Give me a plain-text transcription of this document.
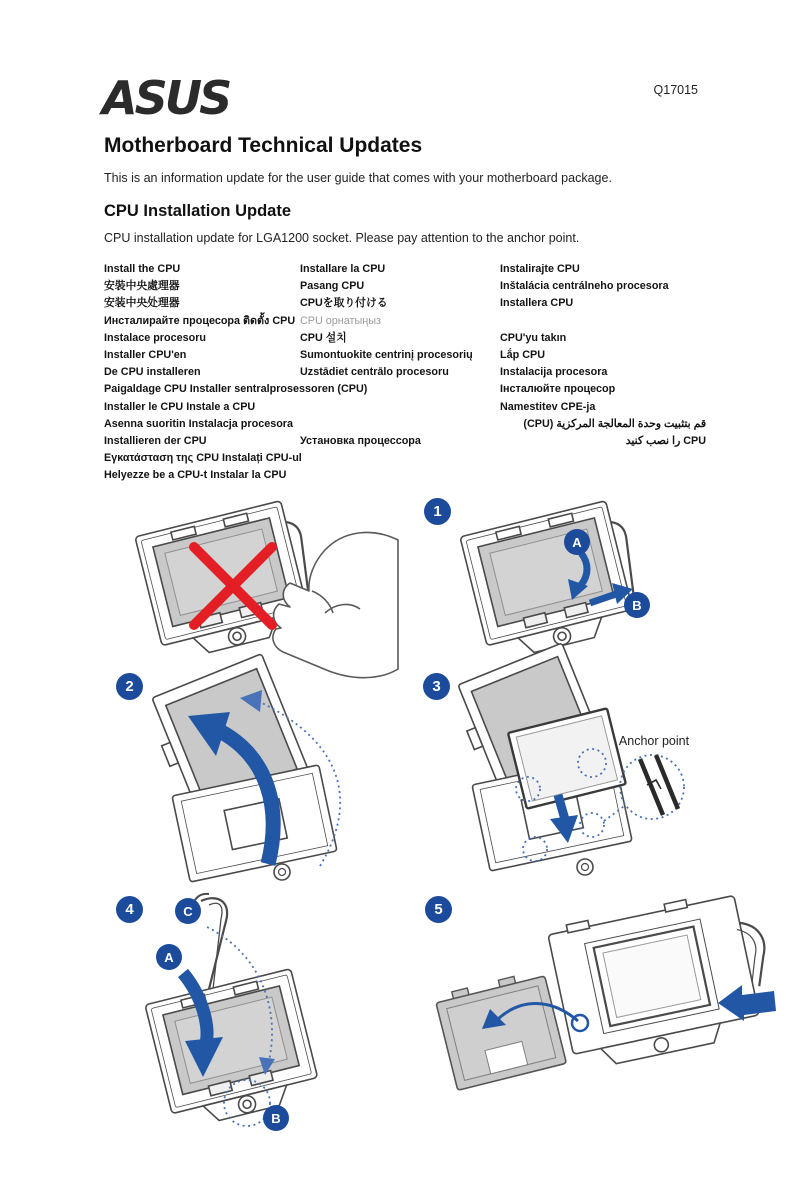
Q17015
ASUS
Motherboard Technical Updates
This is an information update for the user guide that comes with your motherboard package.
CPU Installation Update
CPU installation update for LGA1200 socket. Please pay attention to the anchor point.
Install the CPU
安裝中央處理器
安装中央处理器
Инсталирайте процесора ติดตั้ง CPU
Instalace procesoru
Installer CPU'en
De CPU installeren
Paigaldage CPU Installer sentralprosessoren (CPU)
Installer le CPU Instale a CPU
Asenna suoritin Instalacja procesora
Installieren der CPU
Εγκατάσταση της CPU Instalați CPU-ul
Helyezze be a CPU-t Instalar la CPU
Installare la CPU
Pasang CPU
CPUを取り付ける
CPU орнатыңыз
CPU 설치
Sumontuokite centrinį procesorių
Uzstādiet centrālo procesoru

Установка процессора

Instalirajte CPU
Inštalácia centrálneho procesora
Installera CPU

CPU'yu takın
Lắp CPU
Instalacija procesora
Інсталюйте процесор
Namestitev CPE-ja
قم بتثبيت وحدة المعالجة المركزية (CPU)
CPU را نصب کنید

1
A
B
2	3
Anchor point
4
A
C
B
5
